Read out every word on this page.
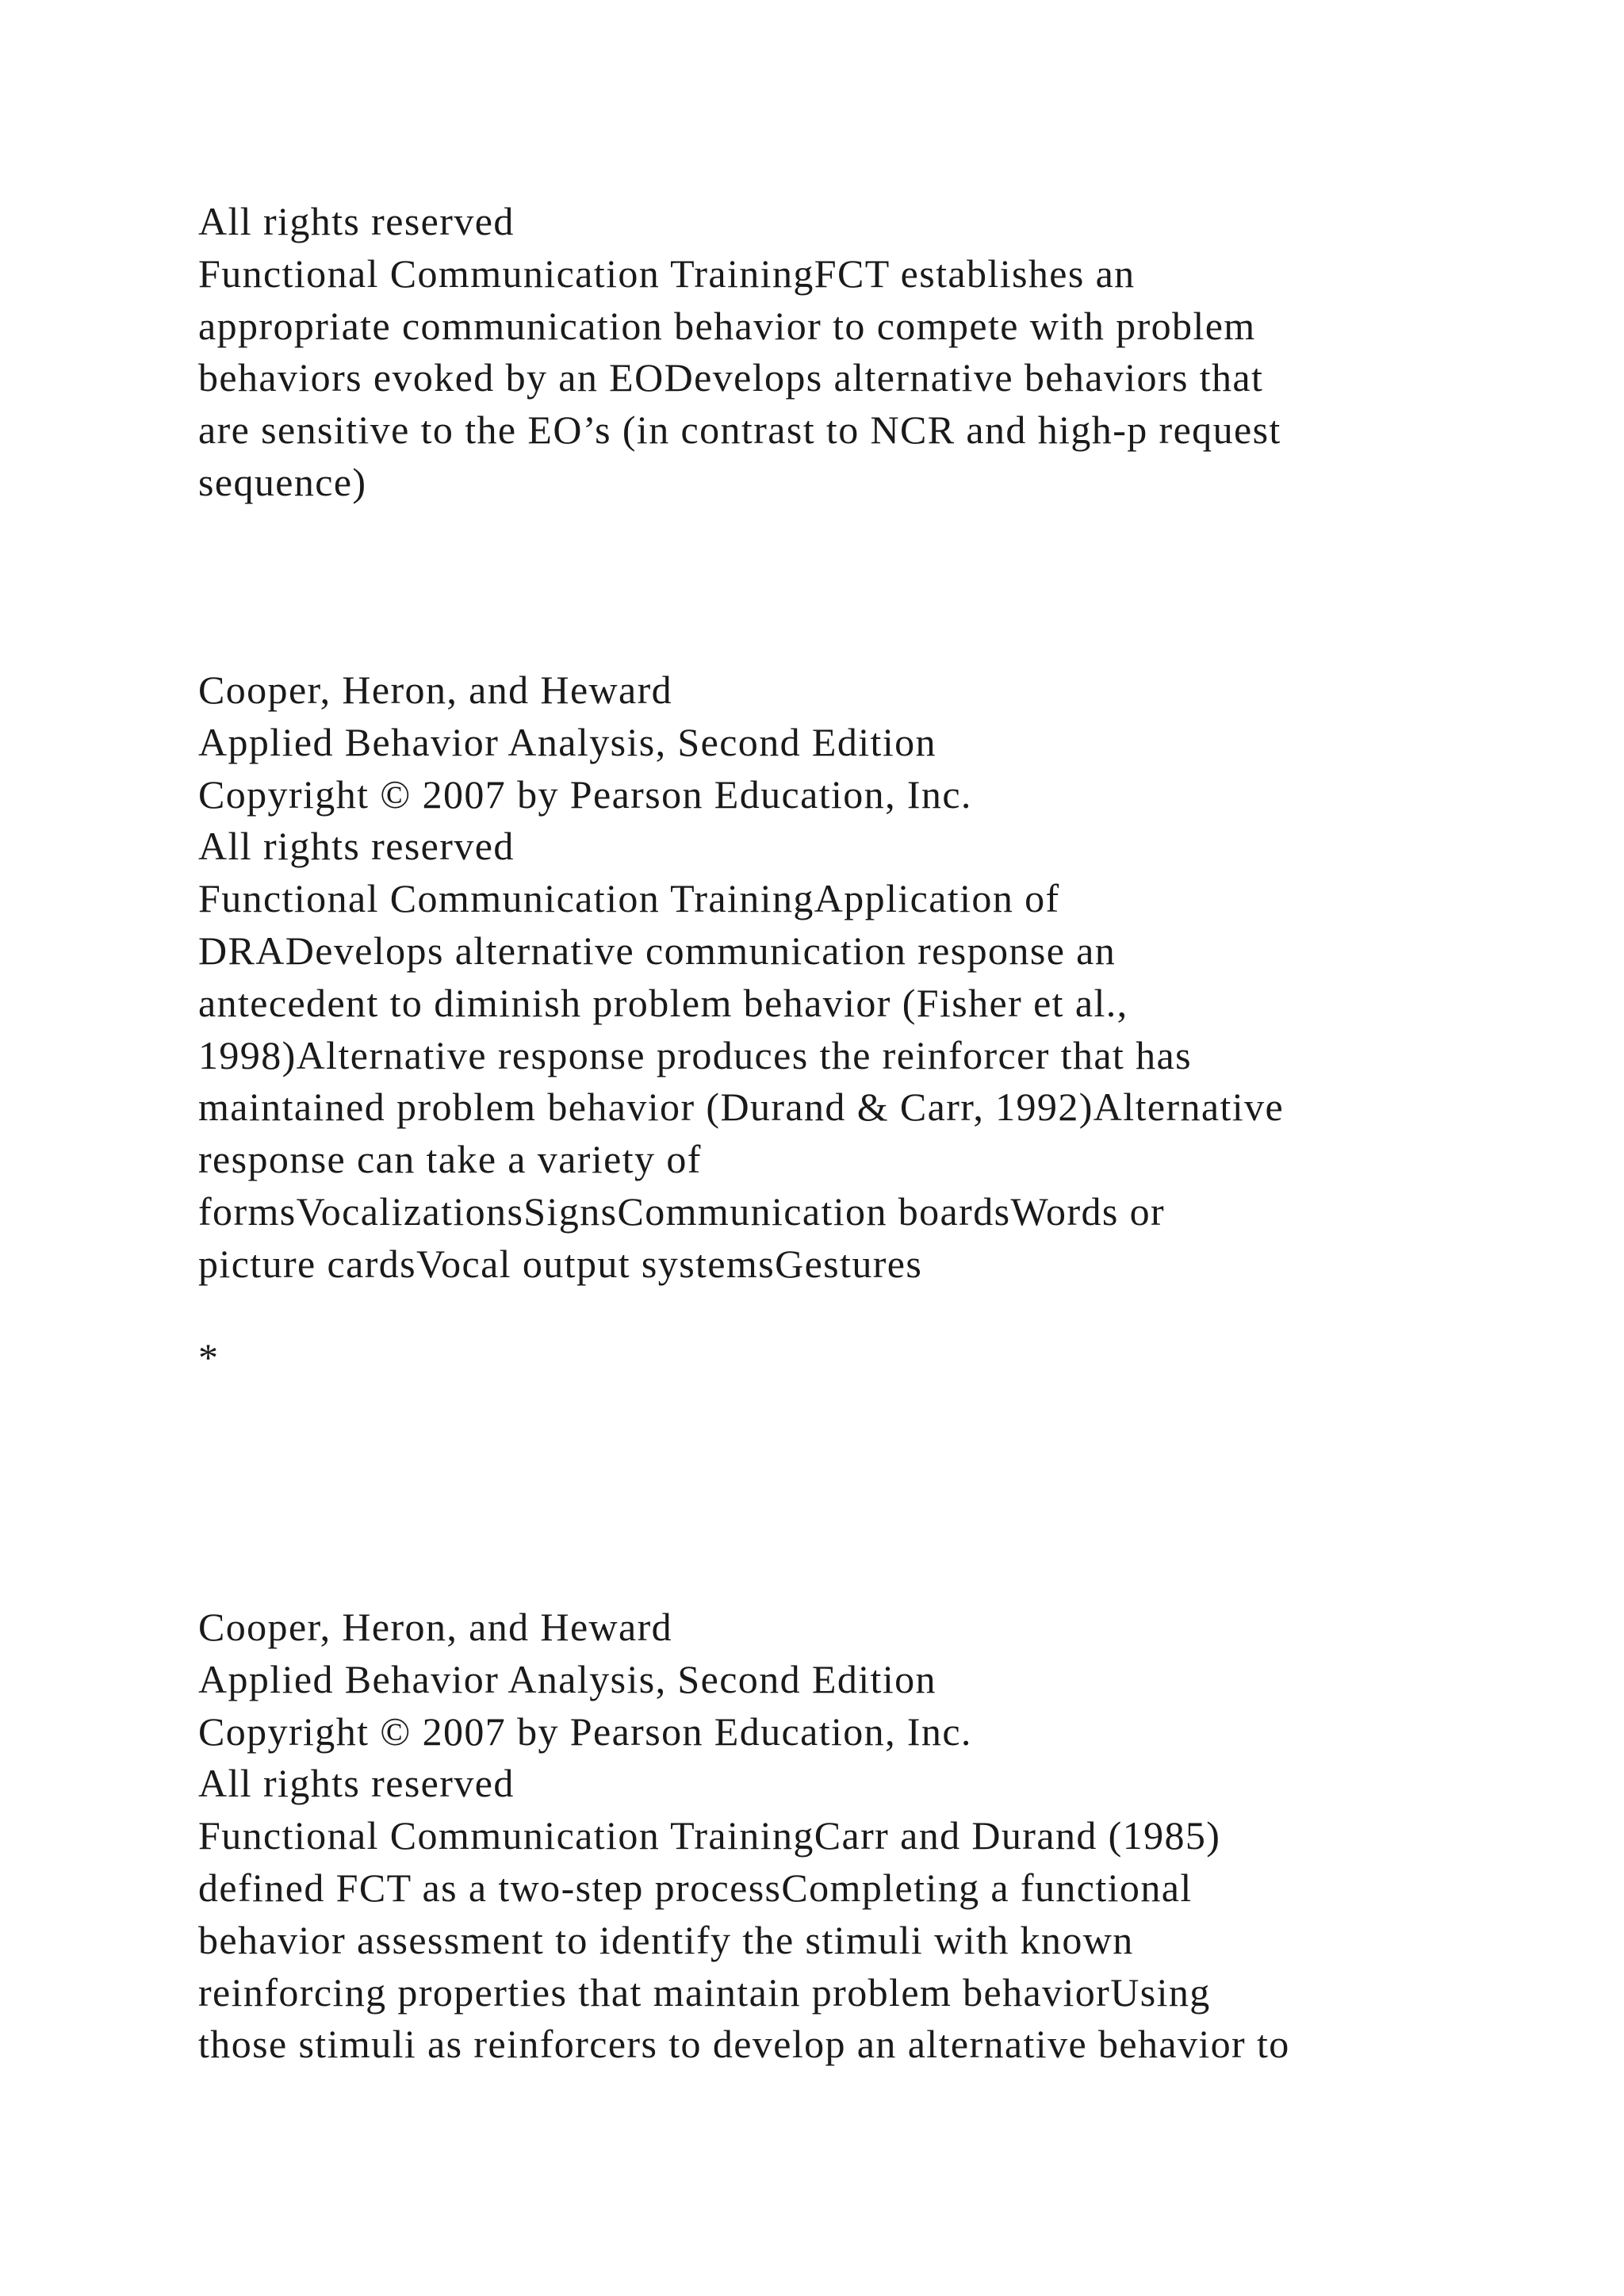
All rights reserved
Functional Communication TrainingFCT establishes an
appropriate communication behavior to compete with problem
behaviors evoked by an EODevelops alternative behaviors that
are sensitive to the EO’s (in contrast to NCR and high-p request
sequence)
Cooper, Heron, and Heward
Applied Behavior Analysis, Second Edition
Copyright © 2007 by Pearson Education, Inc.
All rights reserved
Functional Communication TrainingApplication of
DRADevelops alternative communication response an
antecedent to diminish problem behavior (Fisher et al.,
1998)Alternative response produces the reinforcer that has
maintained problem behavior (Durand & Carr, 1992)Alternative
response can take a variety of
formsVocalizationsSignsCommunication boardsWords or
picture cardsVocal output systemsGestures
*
Cooper, Heron, and Heward
Applied Behavior Analysis, Second Edition
Copyright © 2007 by Pearson Education, Inc.
All rights reserved
Functional Communication TrainingCarr and Durand (1985)
defined FCT as a two-step processCompleting a functional
behavior assessment to identify the stimuli with known
reinforcing properties that maintain problem behaviorUsing
those stimuli as reinforcers to develop an alternative behavior to
